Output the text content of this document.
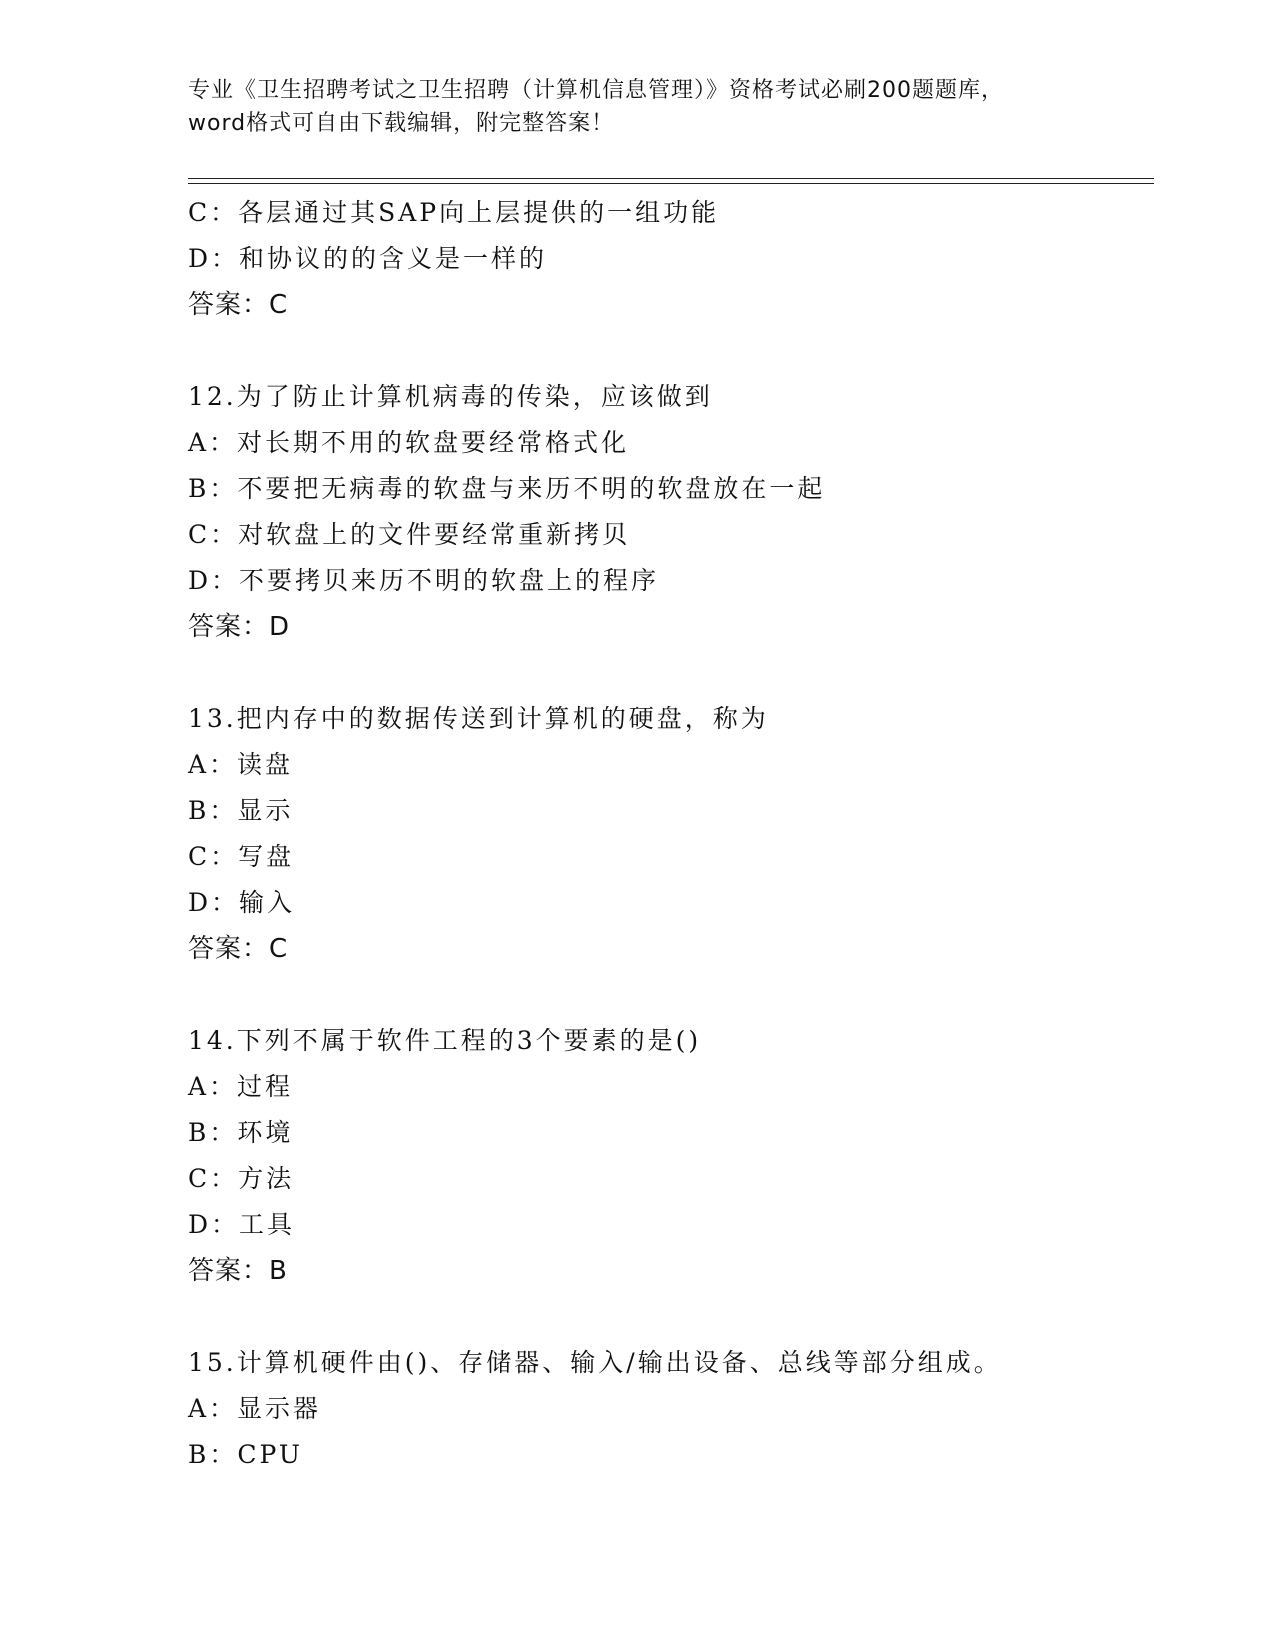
专业《卫生招聘考试之卫生招聘（计算机信息管理）》资格考试必刷200题题库，
word格式可自由下载编辑，附完整答案！
C：各层通过其SAP向上层提供的一组功能
D：和协议的的含义是一样的
答案：C
12.为了防止计算机病毒的传染，应该做到
A：对长期不用的软盘要经常格式化
B：不要把无病毒的软盘与来历不明的软盘放在一起
C：对软盘上的文件要经常重新拷贝
D：不要拷贝来历不明的软盘上的程序
答案：D
13.把内存中的数据传送到计算机的硬盘，称为
A：读盘
B：显示
C：写盘
D：输入
答案：C
14.下列不属于软件工程的3个要素的是()
A：过程
B：环境
C：方法
D：工具
答案：B
15.计算机硬件由()、存储器、输入/输出设备、总线等部分组成。
A：显示器
B：CPU
